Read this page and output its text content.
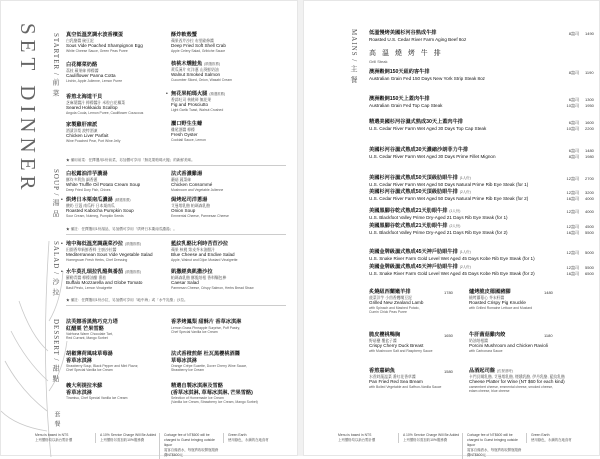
SET DINNER
套 餐
STARTER / 前 菜
SOUP / 湯 品
SALAD / 沙 拉
DESSERT / 甜 點
★ 備用前菜：任擇選用1份前菜，另加價可享用「無花果帕瑪火腿」的新鮮美味。
★ 備註：任擇選用1份湯品，另加價可享用「烘烤日本栗南瓜濃湯」。
★ 備註：任擇選用1份沙拉，另加價可享用「地中海」或「水牛乳酪」沙拉。
真空低溫烹調水波香檳蛋
白乳酪醬 碗豆泥
Sous Vide Poached Shampignon Egg
White Cheese Sauce, Green Peas Puree
白花椰菜奶酪
荔枝 蘋果絲 檸檬醬
Cauliflower Panna Cotta
Lirchin, Apple Julienne, Lemon Puree
香煎北海道干貝
芝麻葉醬汁 檸檬醬汁 米粒白花椰菜
Seared Hokkaido Scallop
Angola Coula, Lemon Puree, Cauliflower Couscous
家製雞肝凍派
酒漬洋梨 波特酒凍
Chicken Liver Parfait
Wine Poached Pear, Port Wine Jelly
酥炸軟殼蟹
蘋果西芹沙拉 布里歐修醬
Deep Fried Soft Shell Crab
Apple Celery Salad, Gribiche Sauce
核桃木燻鮭魚 (精選推薦)
黃瓜薄片 紅洋蔥 山葵鮮奶油
Walnut Smoked Salmon
Cucumber Sliced, Onion, Wasabi Cream
• 無花果帕瑪火腿 (精選推薦)
香蒜吐司 核桃碎 無花果
Fig and Prosciutto
Light Garlic Toast, Walnut Crushed
灑口野生生蠔
雞尾酒醬 檸檬
Fresh Oyster
Cocktail Sauce, Lemon
白松露油洋芋濃湯
酥炸多利魚 細香蔥
White Truffle Oil Potato Cream Soup
Deep Fried Dory Fish, Chives
• 烘烤日本栗南瓜濃湯 (精選推薦)
酸奶 豆蔻 南瓜籽 日本栗南瓜
Roasted Kabocha Pumpkin Soup
Sour Cream, Nutmeg, Pumpkin Seeds
法式香濃雞湯
蘑菇 蔬菜絲
Chicken Consommé
Mushroom and Vegetable Julienne
焗烤起司洋蔥湯
艾曼塔乳酪 帕瑪森乳酪
Onion Soup
Emmental Cheese, Parmesan Cheese
• 地中海低溫烹調蔬菜沙拉 (精選推薦)
田園香草新鮮香料 主廚沙拉醬
Mediterranean Sous Vide Vegetable Salad
Homegrown Fresh Herbs, Chef Dressing
• 水牛莫扎瑞拉乳酪與番茄 (精選推薦)
羅勒青醬 檸檬油醋 番茄
Buffalo Mozzarella and Globe Tomato
Basil Pesto, Lemon Vinaigrette
藍紋乳酪比利時苦苣沙拉
蘋果 核桃 第戎芥末油醋汁
Blue Cheese and Endive Salad
Apple, Walnut and Dijon Mustard Vinaigrette
凱撒經典凱撒沙拉
帕瑪森乳酪 酥脆培根 香料麵包棒
Caesar Salad
Parmesan Cheese, Crispy Salmon, Herbs Bread Straw
法芙娜香黑熱巧克力塔
紅醋栗 芒果雪酪
Valrhona Warm Chocolate Tart,
Red Currant, Mango Sorbet
胡椒薄荷風味草莓湯
香草冰淇淋
Strawberry Soup, Black Pepper and Mint Flavor,
Chef Special Vanilla Ice Cream
義大利提拉米蘇
香草冰淇淋
Tiramisu, Chef Special Vanilla Ice Cream
香茅烤鳳梨 甜酥片 香草冰淇淋
Lemon Grass Pineapple Surprise, Puff Pastry,
Chef Special Vanilla Ice Cream
法式香橙煎餅 杜瓦黑櫻桃酒醬
草莓冰淇淋
Orange Crêpe Suzette, Dover Cherry Wine Sauce,
Strawberry Ice Cream
精選自製冰淇淋及雪酪
(香草冰淇淋, 草莓冰淇淋, 芒果雪酪)
Selection of Homemade Ice Cream
(Vanilla Ice Cream, Strawberry Ice Cream, Mango Sorbet)
Menu is based in NTS
上列價格均以新台幣計價
A 10% Service Charge Will Be Added
上列價格另需加收10%服務費
Corkage fee of NT$600 will be charged to Guest bringing outside liquor
賓客自備酒水，每瓶將收取開瓶服務費NT$600元
Green Earth
使用綠色，永續的在地食材
MAINS / 主 餐 高 溫 燒 烤 牛 排
Grill Steak
低溫慢烤美國杉河谷熟成牛排
Roasted U.S. Cedar River Farm Aging Beef 8oz
8盎司 1490
澳洲穀飼150天紐約客牛排
Australian Grain Fed 150 Days New York Strip Steak 8oz
8盎司 1190
澳洲穀飼150天上蓋肉牛排
Australian Grain Fed Top Cap Steak
6盎司 1300
10盎司 1950
精選美國杉河谷濕式熟成30天上蓋肉牛排
U.S. Cedar River Farm Wet Aged 30 Days Top Cap Steak
6盎司 1600
10盎司 2200
美國杉河谷濕式熟成30天濃縮沙朗菲力牛排
U.S. Cedar River Farm Wet Aged 30 Days Prime Fillet Mignon
6盎司 1480
8盎司 1980
美國杉河谷濕式熟成50天頂級肋眼牛排 (1人份)
U.S. Cedar River Farm Wet Aged 50 Days Natural Prime Rib Eye Steak (for 1)
12盎司 2700
美國杉河谷濕式熟成50天頂級肋眼牛排 (2人份)
U.S. Cedar River Farm Wet Aged 50 Days Natural Prime Rib Eye Steak (for 2)
12盎司 3200
16盎司 4000
美國黑腳谷乾式熟成21天肋眼牛排 (1人份)
U.S. Blackfoot Valley Prime Dry-Aged 21 Days Rib Eye Steak (for 1)
12盎司 4000
美國黑腳谷乾式熟成21天肋眼牛排 (2人份)
U.S. Blackfoot Valley Prime Dry-Aged 21 Days Rib Eye Steak (for 2)
12盎司 4500
16盎司 5500
美國金牌級濕式熟成45天神戶肋眼牛排 (1人份)
U.S. Snake River Farm Gold Level Wet Aged 45 Days Kobe Rib Eye Steak (for 1)
12盎司 5000
美國金牌級濕式熟成45天神戶肋眼牛排 (2人份)
U.S. Snake River Farm Gold Level Wet Aged 45 Days Kobe Rib Eye Steak (for 2)
12盎司 5500
16盎司 6500
炙燒紐西蘭嫩羊排
菠菜洋芋 小茴香鷹嘴豆泥
Grilled New Zealand Lamb
with Spinach and Mashed Potato,
Cumin Chick Peas Puree
1780
脆皮櫻桃鴨胸
野菇鹽 覆盆子醬
Crispy Cherry Duck Breast
with Mushroom Salt and Raspberry Sauce
1650
香煎嘉納魚
水煮時蔬溫菜 番紅花香草醬
Pan Fried Red Sea Bream
with Boiled Vegetable and Saffron-Vanilla Sauce
1580
爐烤脆皮德國豬腳
燒烤蘿蔓心 芥末籽醬
Roasted Crispy Pig Knuckle
with Grilled Romaine Lettuce and Mustard
1480
牛肝菌菇雞肉餃
奶油培根醬
Porcini Mushroom and Chicken Ravioli
with Carbonara Sauce
1180
品酒起司盤 (佐餐酒時)
卡門貝爾乳酪, 艾曼塔乳酪, 煙燻乳酪, 伊丹乳酪, 藍紋乳酪
Cheese Platter for Wine (NT $60 for each kind)
camembert cheese, emmental cheese, smoked cheese,
edam cheese, blue cheese
Menu is based in NTS
上列價格均以新台幣計價
A 10% Service Charge Will Be Added
上列價格另需加收10%服務費
Corkage fee of NT$600 will be charged to Guest bringing outside liquor
賓客自備酒水，每瓶將收取開瓶服務費NT$600元
Green Earth
使用綠色，永續的在地食材
